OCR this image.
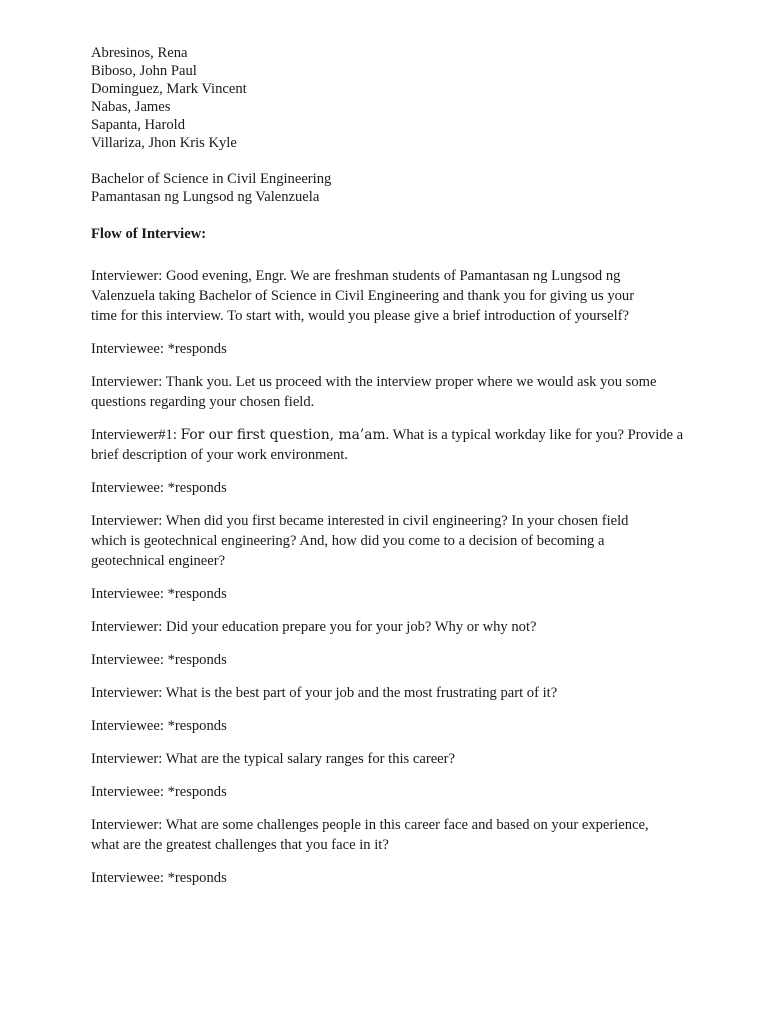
Abresinos, Rena
Biboso, John Paul
Dominguez, Mark Vincent
Nabas, James
Sapanta, Harold
Villariza, Jhon Kris Kyle
Bachelor of Science in Civil Engineering
Pamantasan ng Lungsod ng Valenzuela
Flow of Interview:

Interviewer: Good evening, Engr. We are freshman students of Pamantasan ng Lungsod ng
Valenzuela taking Bachelor of Science in Civil Engineering and thank you for giving us your
time for this interview. To start with, would you please give a brief introduction of yourself?

Interviewee: *responds

Interviewer: Thank you. Let us proceed with the interview proper where we would ask you some
questions regarding your chosen field.

Interviewer#1: For our first question, ma’am. What is a typical workday like for you? Provide a
brief description of your work environment.

Interviewee: *responds

Interviewer: When did you first became interested in civil engineering? In your chosen field
which is geotechnical engineering? And, how did you come to a decision of becoming a
geotechnical engineer?

Interviewee: *responds

Interviewer: Did your education prepare you for your job? Why or why not?

Interviewee: *responds

Interviewer: What is the best part of your job and the most frustrating part of it?

Interviewee: *responds

Interviewer: What are the typical salary ranges for this career?

Interviewee: *responds

Interviewer: What are some challenges people in this career face and based on your experience,
what are the greatest challenges that you face in it?

Interviewee: *responds
